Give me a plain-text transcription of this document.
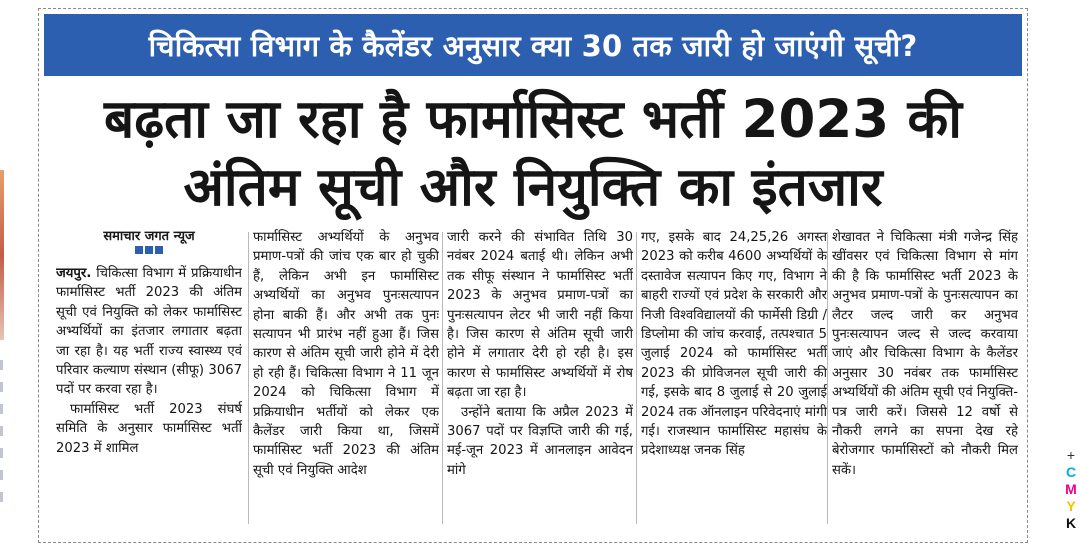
चिकित्सा विभाग के कैलेंडर अनुसार क्या 30 तक जारी हो जाएंगी सूची?
बढ़ता जा रहा है फार्मासिस्ट भर्ती 2023 की
अंतिम सूची और नियुक्ति का इंतजार
समाचार जगत न्यूज

जयपुर. चिकित्सा विभाग में प्रक्रियाधीन फार्मासिस्ट भर्ती 2023 की अंतिम सूची एवं नियुक्ति को लेकर फार्मासिस्ट अभ्यर्थियों का इंतजार लगातार बढ़ता जा रहा है। यह भर्ती राज्य स्वास्थ्य एवं परिवार कल्याण संस्थान (सीफू) 3067 पदों पर करवा रहा है।

फार्मासिस्ट भर्ती 2023 संघर्ष समिति के अनुसार फार्मासिस्ट भर्ती 2023 में शामिल

फार्मासिस्ट अभ्यर्थियों के अनुभव प्रमाण-पत्रों की जांच एक बार हो चुकी हैं, लेकिन अभी इन फार्मासिस्ट अभ्यर्थियों का अनुभव पुनःसत्यापन होना बाकी हैं। और अभी तक पुनः सत्यापन भी प्रारंभ नहीं हुआ हैं। जिस कारण से अंतिम सूची जारी होने में देरी हो रही हैं। चिकित्सा विभाग ने 11 जून 2024 को चिकित्सा विभाग में प्रक्रियाधीन भर्तीयों को लेकर एक कैलेंडर जारी किया था, जिसमें फार्मासिस्ट भर्ती 2023 की अंतिम सूची एवं नियुक्ति आदेश

जारी करने की संभावित तिथि 30 नवंबर 2024 बताई थी। लेकिन अभी तक सीफू संस्थान ने फार्मासिस्ट भर्ती 2023 के अनुभव प्रमाण-पत्रों का पुनःसत्यापन लेटर भी जारी नहीं किया है। जिस कारण से अंतिम सूची जारी होने में लगातार देरी हो रही है। इस कारण से फार्मासिस्ट अभ्यर्थियों में रोष बढ़ता जा रहा है।

उन्होंने बताया कि अप्रैल 2023 में 3067 पदों पर विज्ञप्ति जारी की गई, मई-जून 2023 में आनलाइन आवेदन मांगे

गए, इसके बाद 24,25,26 अगस्त 2023 को करीब 4600 अभ्यर्थियों के दस्तावेज सत्यापन किए गए, विभाग ने बाहरी राज्यों एवं प्रदेश के सरकारी और निजी विश्वविद्यालयों की फार्मेसी डिग्री / डिप्लोमा की जांच करवाई, तत्पश्चात 5 जुलाई 2024 को फार्मासिस्ट भर्ती 2023 की प्रोविजनल सूची जारी की गई, इसके बाद 8 जुलाई से 20 जुलाई 2024 तक ऑनलाइन परिवेदनाएं मांगी गई। राजस्थान फार्मासिस्ट महासंघ के प्रदेशाध्यक्ष जनक सिंह

शेखावत ने चिकित्सा मंत्री गजेन्द्र सिंह खींवसर एवं चिकित्सा विभाग से मांग की है कि फार्मासिस्ट भर्ती 2023 के अनुभव प्रमाण-पत्रों के पुनःसत्यापन का लैटर जल्द जारी कर अनुभव पुनःसत्यापन जल्द से जल्द करवाया जाएं और चिकित्सा विभाग के कैलेंडर अनुसार 30 नवंबर तक फार्मासिस्ट अभ्यर्थियों की अंतिम सूची एवं नियुक्ति-पत्र जारी करें। जिससे 12 वर्षो से नौकरी लगने का सपना देख रहे बेरोजगार फार्मासिस्टों को नौकरी मिल सकें।

+
C
M
Y
K
